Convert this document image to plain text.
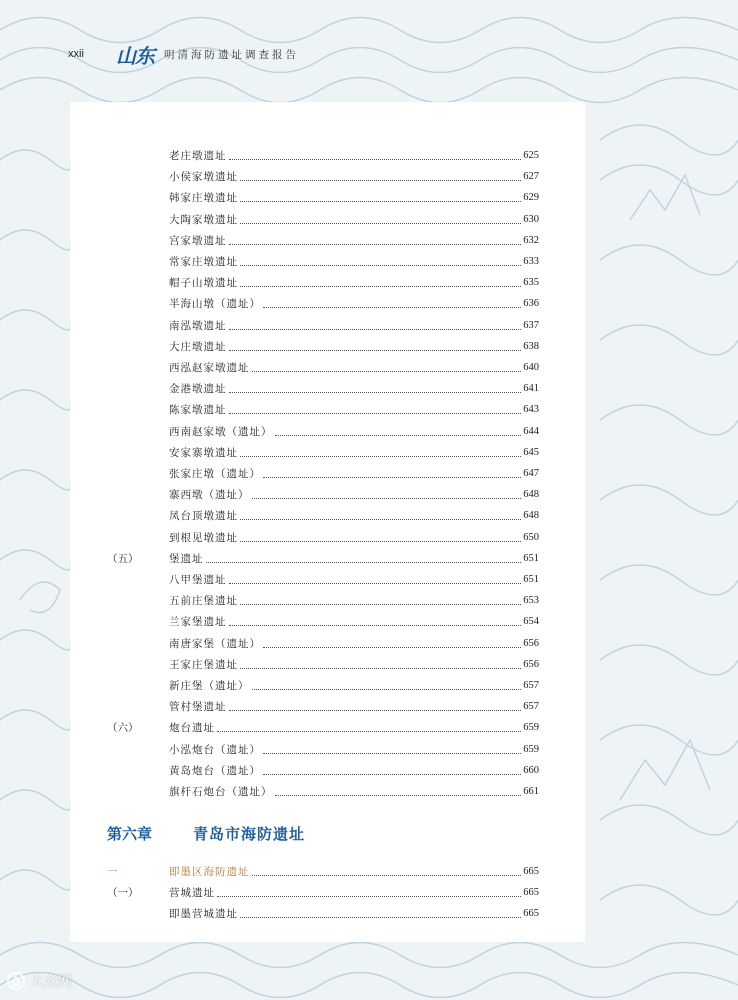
xxii	山东 明清海防遗址调查报告
老庄墩遗址	625
小侯家墩遗址	627
韩家庄墩遗址	629
大陶家墩遗址	630
宫家墩遗址	632
常家庄墩遗址	633
帽子山墩遗址	635
半海山墩（遗址）	636
南泓墩遗址	637
大庄墩遗址	638
西泓赵家墩遗址	640
金港墩遗址	641
陈家墩遗址	643
西南赵家墩（遗址）	644
安家寨墩遗址	645
张家庄墩（遗址）	647
寨西墩（遗址）	648
凤台顶墩遗址	648
到根见墩遗址	650
（五）	堡遗址	651
八甲堡遗址	651
五前庄堡遗址	653
兰家堡遗址	654
南唐家堡（遗址）	656
王家庄堡遗址	656
新庄堡（遗址）	657
管村堡遗址	657
（六）	炮台遗址	659
小泓炮台（遗址）	659
黄岛炮台（遗址）	660
旗杆石炮台（遗址）	661
一	即墨区海防遗址	665
（一）	营城遗址	665
即墨营城遗址	665
第六章	青岛市海防遗址
大众网
